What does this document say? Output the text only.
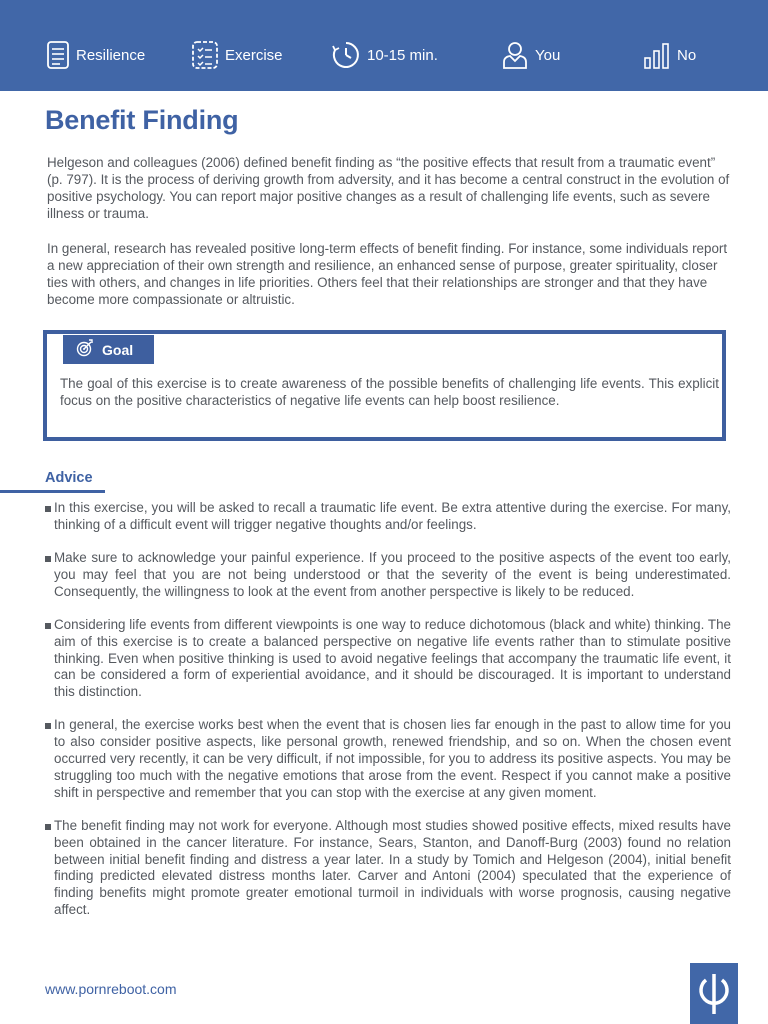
Resilience	Exercise	10-15 min.	You	No
Benefit Finding

Helgeson and colleagues (2006) defined benefit finding as “the positive effects that result from a traumatic event” (p. 797). It is the process of deriving growth from adversity, and it has become a central construct in the evolution of positive psychology. You can report major positive changes as a result of challenging life events, such as severe illness or trauma.

In general, research has revealed positive long-term effects of benefit finding. For instance, some individuals report a new appreciation of their own strength and resilience, an enhanced sense of purpose, greater spirituality, closer ties with others, and changes in life priorities. Others feel that their relationships are stronger and that they have become more compassionate or altruistic.

Goal

The goal of this exercise is to create awareness of the possible benefits of challenging life events. This explicit focus on the positive characteristics of negative life events can help boost resilience.

Advice
In this exercise, you will be asked to recall a traumatic life event. Be extra attentive during the exercise. For many, thinking of a difficult event will trigger negative thoughts and/or feelings.
Make sure to acknowledge your painful experience. If you proceed to the positive aspects of the event too early, you may feel that you are not being understood or that the severity of the event is being underestimated. Consequently, the willingness to look at the event from another perspective is likely to be reduced.
Considering life events from different viewpoints is one way to reduce dichotomous (black and white) thinking. The aim of this exercise is to create a balanced perspective on negative life events rather than to stimulate positive thinking. Even when positive thinking is used to avoid negative feelings that accompany the traumatic life event, it can be considered a form of experiential avoidance, and it should be discouraged. It is important to understand this distinction.
In general, the exercise works best when the event that is chosen lies far enough in the past to allow time for you to also consider positive aspects, like personal growth, renewed friendship, and so on. When the chosen event occurred very recently, it can be very difficult, if not impossible, for you to address its positive aspects. You may be struggling too much with the negative emotions that arose from the event. Respect if you cannot make a positive shift in perspective and remember that you can stop with the exercise at any given moment.
The benefit finding may not work for everyone. Although most studies showed positive effects, mixed results have been obtained in the cancer literature. For instance, Sears, Stanton, and Danoff-Burg (2003) found no relation between initial benefit finding and distress a year later. In a study by Tomich and Helgeson (2004), initial benefit finding predicted elevated distress months later. Carver and Antoni (2004) speculated that the experience of finding benefits might promote greater emotional turmoil in individuals with worse prognosis, causing negative affect.
www.pornreboot.com
